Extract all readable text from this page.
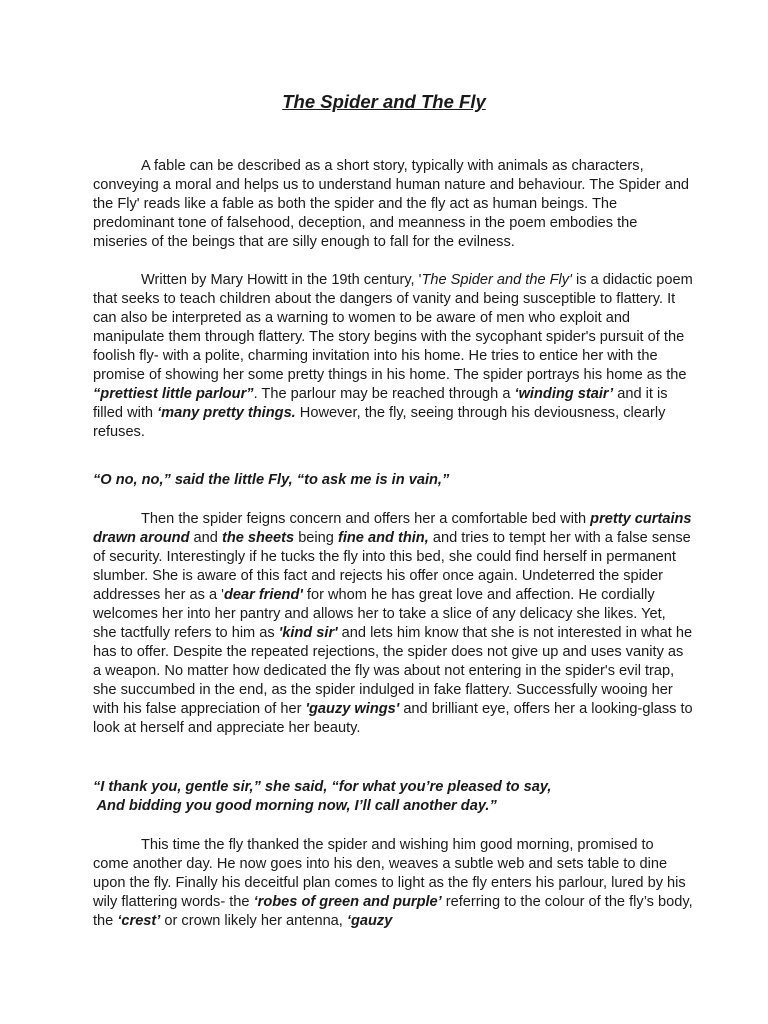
The Spider and The Fly

A fable can be described as a short story, typically with animals as characters, conveying a moral and helps us to understand human nature and behaviour. The Spider and the Fly' reads like a fable as both the spider and the fly act as human beings. The predominant tone of falsehood, deception, and meanness in the poem embodies the miseries of the beings that are silly enough to fall for the evilness.

Written by Mary Howitt in the 19th century, 'The Spider and the Fly' is a didactic poem that seeks to teach children about the dangers of vanity and being susceptible to flattery. It can also be interpreted as a warning to women to be aware of men who exploit and manipulate them through flattery. The story begins with the sycophant spider's pursuit of the foolish fly- with a polite, charming invitation into his home. He tries to entice her with the promise of showing her some pretty things in his home. The spider portrays his home as the “prettiest little parlour”. The parlour may be reached through a ‘winding stair’ and it is filled with ‘many pretty things. However, the fly, seeing through his deviousness, clearly refuses.

“O no, no,” said the little Fly, “to ask me is in vain,”

Then the spider feigns concern and offers her a comfortable bed with pretty curtains drawn around and the sheets being fine and thin, and tries to tempt her with a false sense of security. Interestingly if he tucks the fly into this bed, she could find herself in permanent slumber. She is aware of this fact and rejects his offer once again. Undeterred the spider addresses her as a 'dear friend' for whom he has great love and affection. He cordially welcomes her into her pantry and allows her to take a slice of any delicacy she likes. Yet, she tactfully refers to him as 'kind sir' and lets him know that she is not interested in what he has to offer. Despite the repeated rejections, the spider does not give up and uses vanity as a weapon. No matter how dedicated the fly was about not entering in the spider's evil trap, she succumbed in the end, as the spider indulged in fake flattery. Successfully wooing her with his false appreciation of her 'gauzy wings' and brilliant eye, offers her a looking-glass to look at herself and appreciate her beauty.

“I thank you, gentle sir,” she said, “for what you’re pleased to say,

And bidding you good morning now, I’ll call another day.”

This time the fly thanked the spider and wishing him good morning, promised to come another day. He now goes into his den, weaves a subtle web and sets table to dine upon the fly. Finally his deceitful plan comes to light as the fly enters his parlour, lured by his wily flattering words- the ‘robes of green and purple’ referring to the colour of the fly’s body, the ‘crest’ or crown likely her antenna, ‘gauzy
